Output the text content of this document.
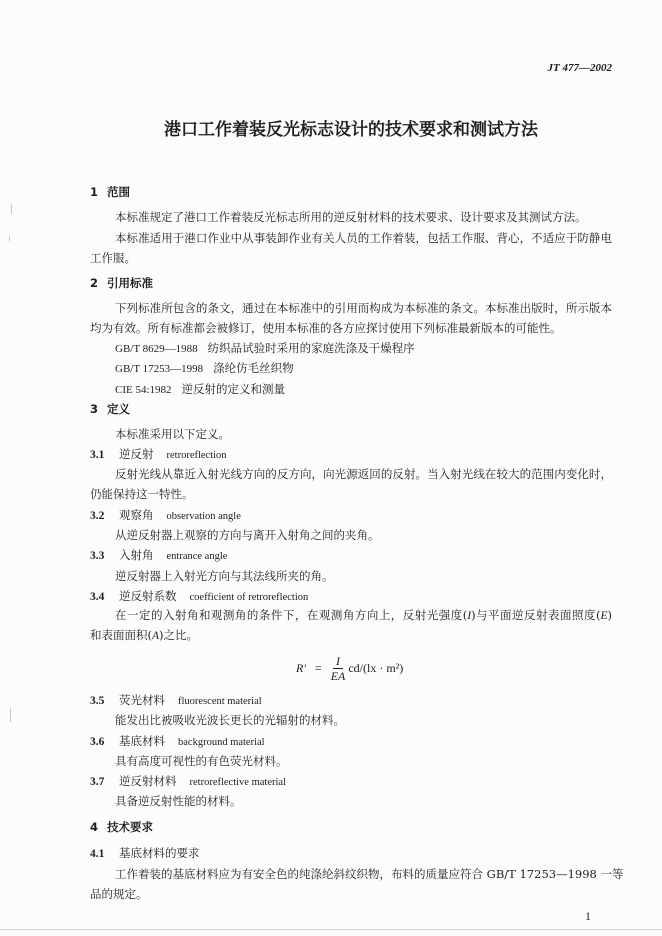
JT 477—2002
港口工作着装反光标志设计的技术要求和测试方法
1 范围
本标准规定了港口工作着装反光标志所用的逆反射材料的技术要求、设计要求及其测试方法。
本标准适用于港口作业中从事装卸作业有关人员的工作着装，包括工作服、背心，不适应于防静电
工作服。
2 引用标准
下列标准所包含的条文，通过在本标准中的引用而构成为本标准的条文。本标准出版时，所示版本
均为有效。所有标准都会被修订，使用本标准的各方应探讨使用下列标准最新版本的可能性。
GB/T 8629—1988 纺织品试验时采用的家庭洗涤及干燥程序
GB/T 17253—1998 涤纶仿毛丝织物
CIE 54:1982 逆反射的定义和测量
3 定义
本标准采用以下定义。
3.1 逆反射 retroreflection
反射光线从靠近入射光线方向的反方向，向光源返回的反射。当入射光线在较大的范围内变化时，
仍能保持这一特性。
3.2 观察角 observation angle
从逆反射器上观察的方向与离开入射角之间的夹角。
3.3 入射角 entrance angle
逆反射器上入射光方向与其法线所夹的角。
3.4 逆反射系数 coefficient of retroreflection
在一定的入射角和观测角的条件下，在观测角方向上，反射光强度(I)与平面逆反射表面照度(E)
和表面面积(A)之比。
$R' = \frac{I}{EA} cd/(lx \cdot m^2)$
3.5 荧光材料 fluorescent material
能发出比被吸收光波长更长的光辐射的材料。
3.6 基底材料 background material
具有高度可视性的有色荧光材料。
3.7 逆反射材料 retroreflective material
具备逆反射性能的材料。
4 技术要求
4.1 基底材料的要求
工作着装的基底材料应为有安全色的纯涤纶斜纹织物，布料的质量应符合 GB/T 17253—1998 一等
品的规定。
1
